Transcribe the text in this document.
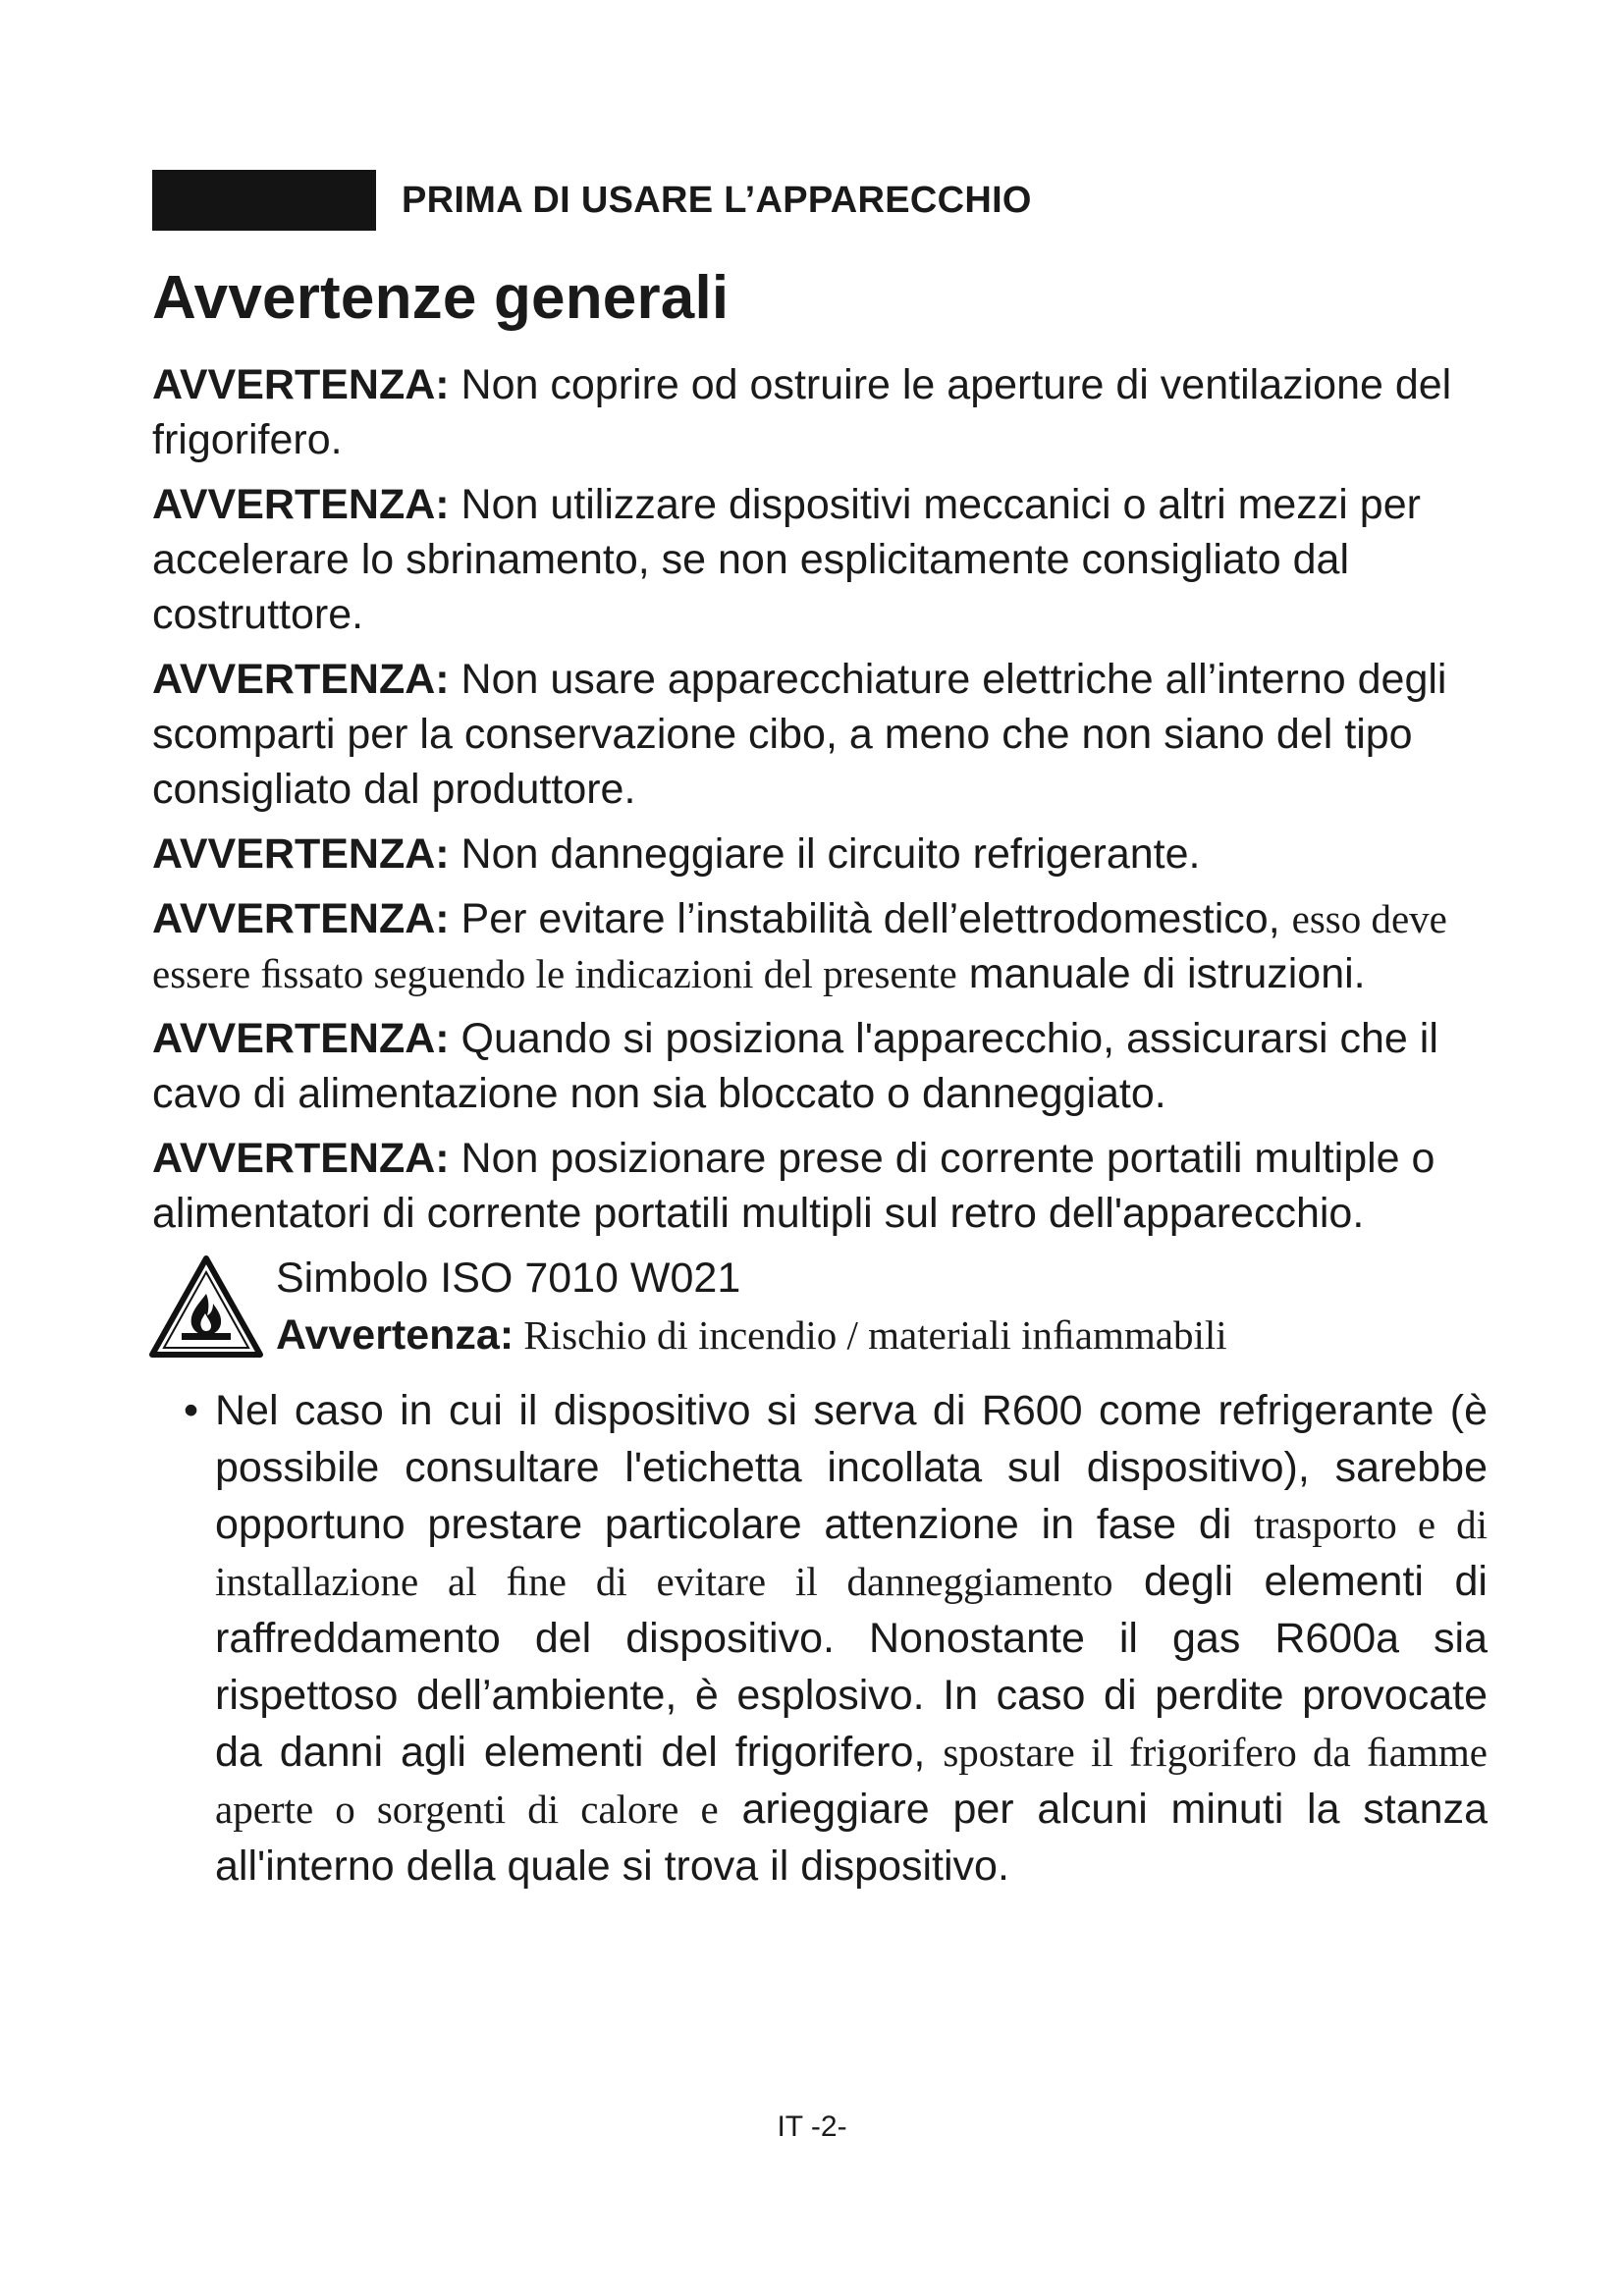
PRIMA DI USARE L’APPARECCHIO
Avvertenze generali

AVVERTENZA: Non coprire od ostruire le aperture di ventilazione del frigorifero.

AVVERTENZA: Non utilizzare dispositivi meccanici o altri mezzi per accelerare lo sbrinamento, se non esplicitamente consigliato dal costruttore.

AVVERTENZA: Non usare apparecchiature elettriche all’interno degli scomparti per la conservazione cibo, a meno che non siano del tipo consigliato dal produttore.

AVVERTENZA: Non danneggiare il circuito refrigerante.

AVVERTENZA: Per evitare l’instabilità dell’elettrodomestico, esso deve essere ﬁssato seguendo le indicazioni del presente manuale di istruzioni.

AVVERTENZA: Quando si posiziona l'apparecchio, assicurarsi che il cavo di alimentazione non sia bloccato o danneggiato.

AVVERTENZA: Non posizionare prese di corrente portatili multiple o alimentatori di corrente portatili multipli sul retro dell'apparecchio.

Simbolo ISO 7010 W021
Avvertenza: Rischio di incendio / materiali inﬁammabili
• Nel caso in cui il dispositivo si serva di R600 come refrigerante (è possibile consultare l'etichetta incollata sul dispositivo), sarebbe opportuno prestare particolare attenzione in fase di trasporto e di installazione al ﬁne di evitare il danneggiamento degli elementi di raffreddamento del dispositivo. Nonostante il gas R600a sia rispettoso dell’ambiente, è esplosivo. In caso di perdite provocate da danni agli elementi del frigorifero, spostare il frigorifero da ﬁamme aperte o sorgenti di calore e arieggiare per alcuni minuti la stanza all'interno della quale si trova il dispositivo.
IT -2-
